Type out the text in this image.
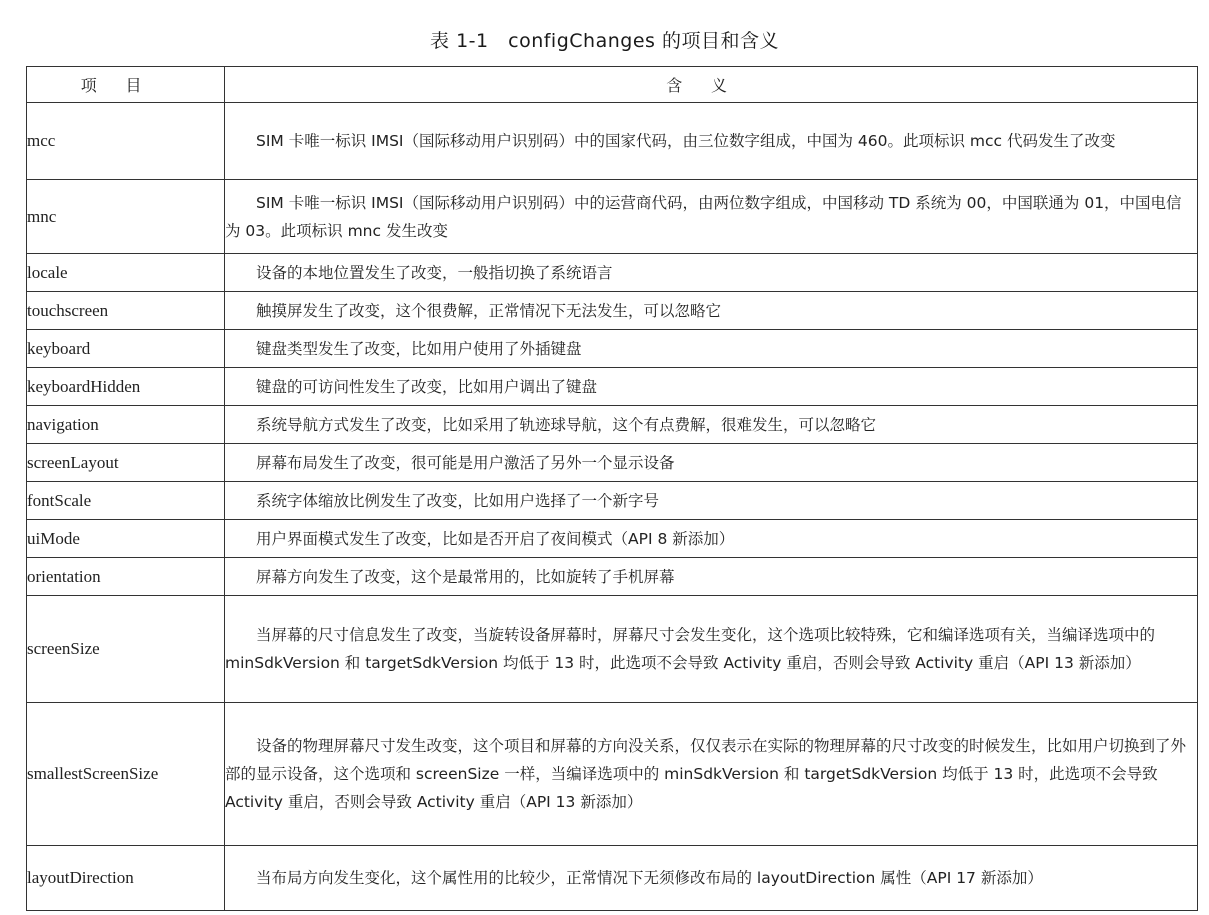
表 1-1　configChanges 的项目和含义
项目	含义
mcc	SIM 卡唯一标识 IMSI（国际移动用户识别码）中的国家代码，由三位数字组成，中国为 460。此项标识 mcc 代码发生了改变

mnc	SIM 卡唯一标识 IMSI（国际移动用户识别码）中的运营商代码，由两位数字组成，中国移动 TD 系统为 00，中国联通为 01，中国电信为 03。此项标识 mnc 发生改变

locale	设备的本地位置发生了改变，一般指切换了系统语言

touchscreen	触摸屏发生了改变，这个很费解，正常情况下无法发生，可以忽略它

keyboard	键盘类型发生了改变，比如用户使用了外插键盘

keyboardHidden	键盘的可访问性发生了改变，比如用户调出了键盘

navigation	系统导航方式发生了改变，比如采用了轨迹球导航，这个有点费解，很难发生，可以忽略它

screenLayout	屏幕布局发生了改变，很可能是用户激活了另外一个显示设备

fontScale	系统字体缩放比例发生了改变，比如用户选择了一个新字号

uiMode	用户界面模式发生了改变，比如是否开启了夜间模式（API 8 新添加）

orientation	屏幕方向发生了改变，这个是最常用的，比如旋转了手机屏幕

screenSize	当屏幕的尺寸信息发生了改变，当旋转设备屏幕时，屏幕尺寸会发生变化，这个选项比较特殊，它和编译选项有关，当编译选项中的 minSdkVersion 和 targetSdkVersion 均低于 13 时，此选项不会导致 Activity 重启，否则会导致 Activity 重启（API 13 新添加）

smallestScreenSize	设备的物理屏幕尺寸发生改变，这个项目和屏幕的方向没关系，仅仅表示在实际的物理屏幕的尺寸改变的时候发生，比如用户切换到了外部的显示设备，这个选项和 screenSize 一样，当编译选项中的 minSdkVersion 和 targetSdkVersion 均低于 13 时，此选项不会导致 Activity 重启，否则会导致 Activity 重启（API 13 新添加）

layoutDirection	当布局方向发生变化，这个属性用的比较少，正常情况下无须修改布局的 layoutDirection 属性（API 17 新添加）
